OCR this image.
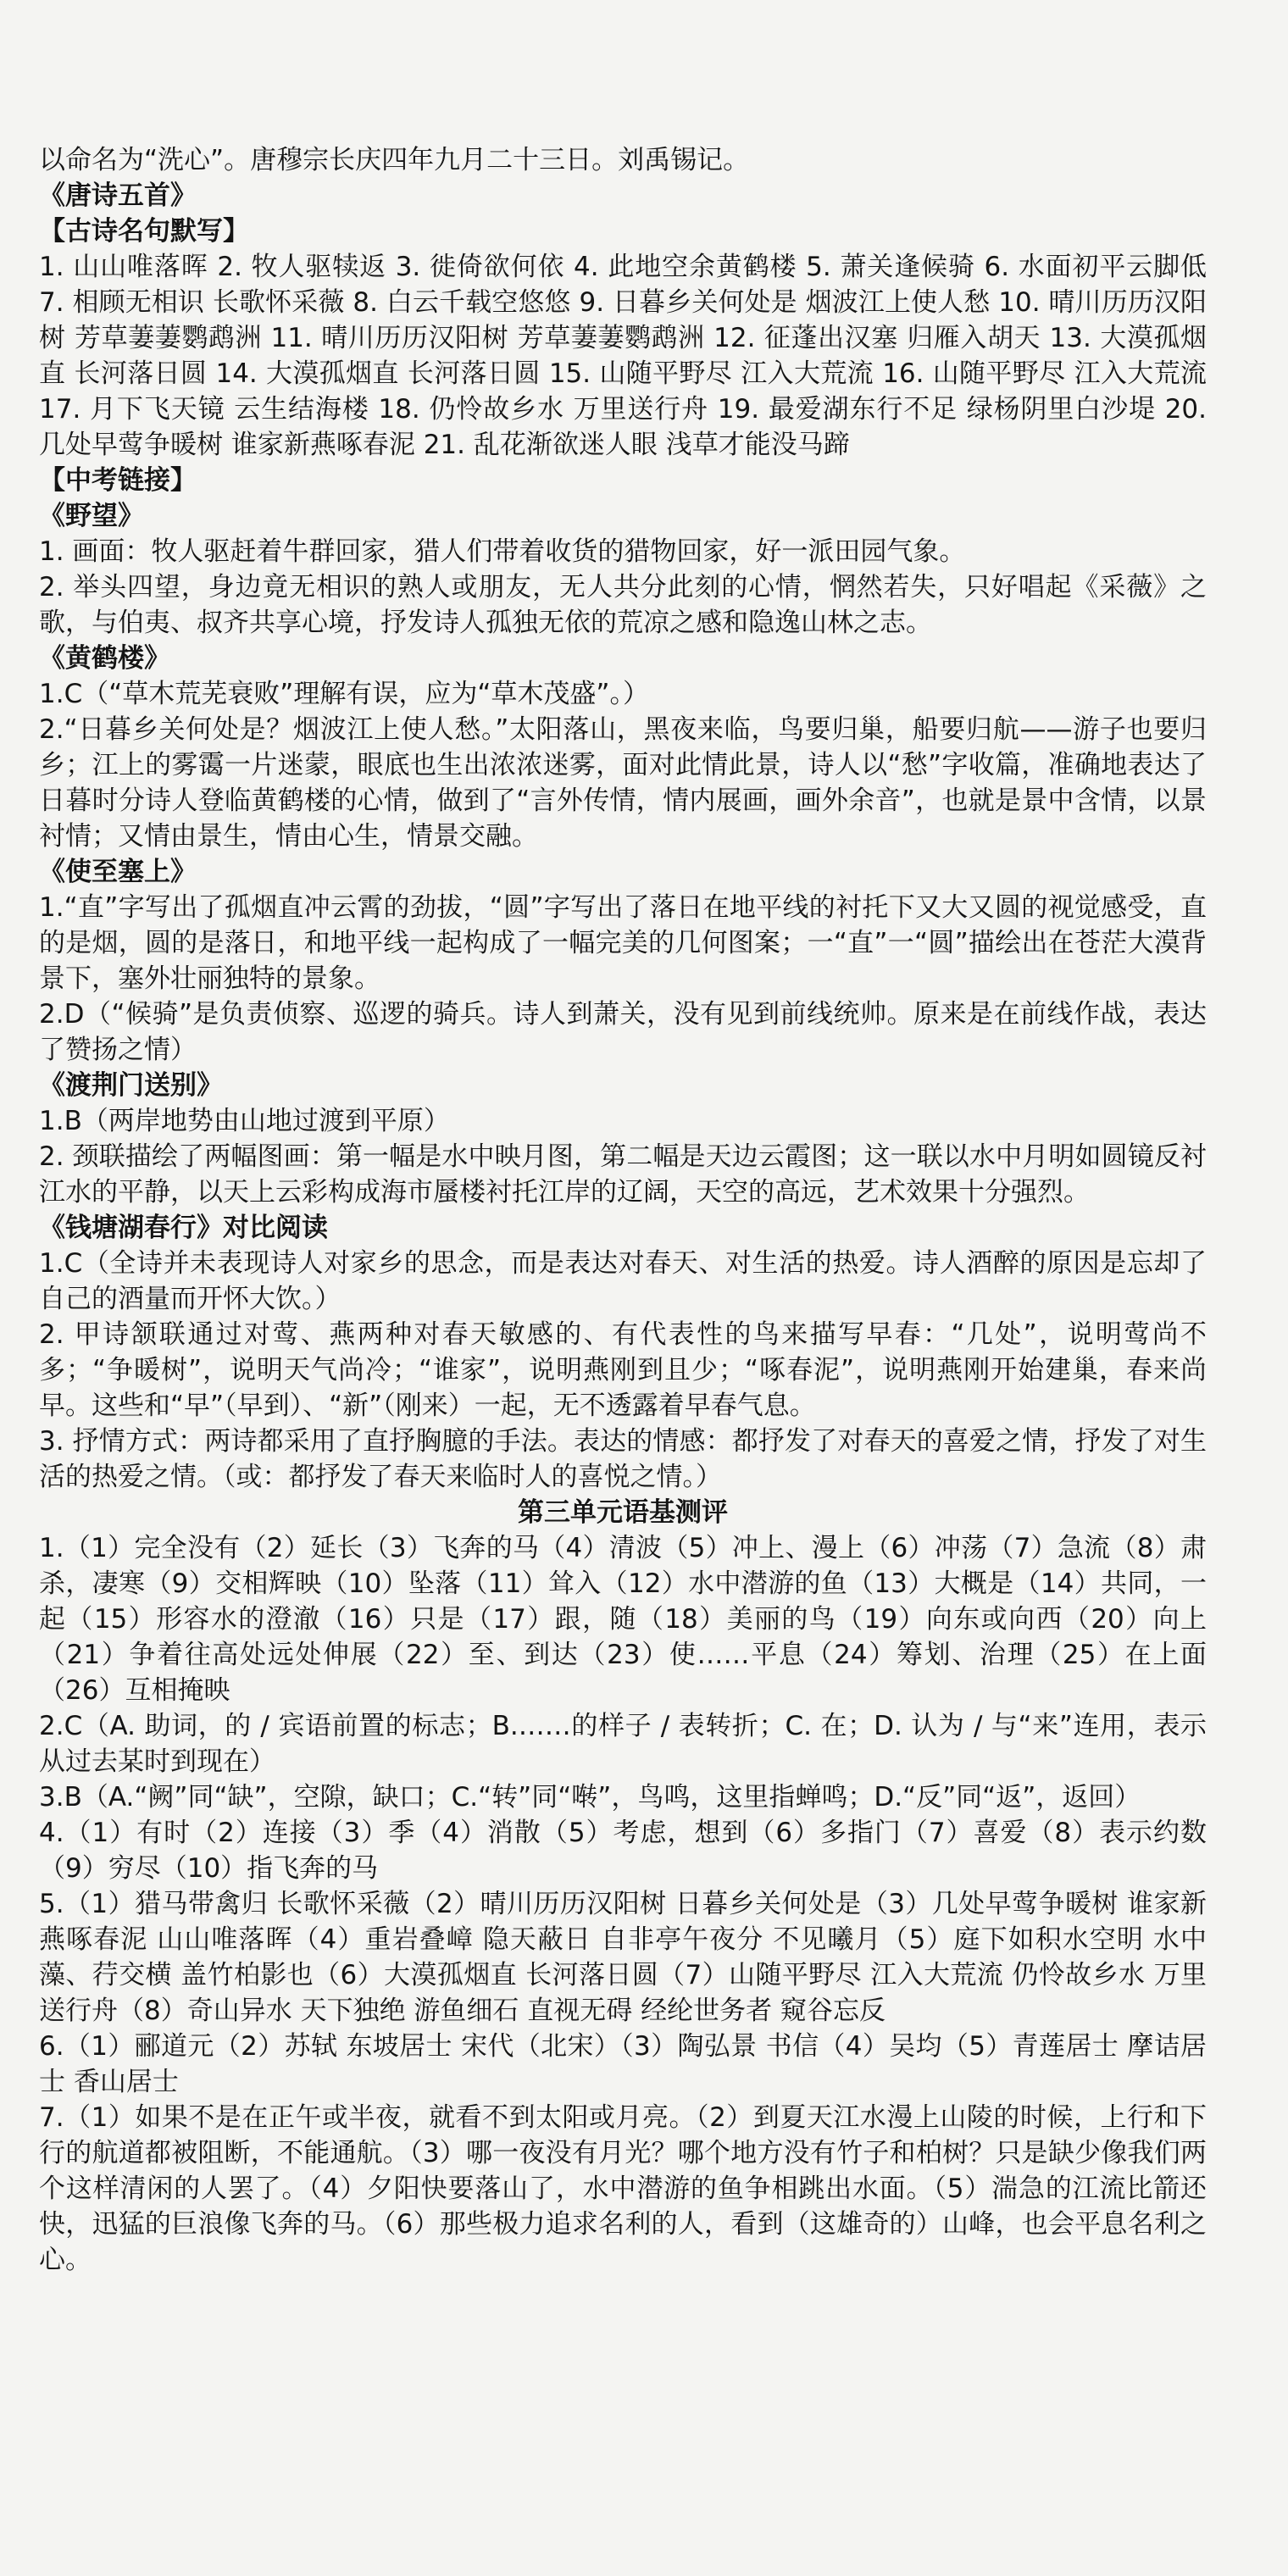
以命名为“洗心”。唐穆宗长庆四年九月二十三日。刘禹锡记。

《唐诗五首》

【古诗名句默写】

1. 山山唯落晖 2. 牧人驱犊返 3. 徙倚欲何依 4. 此地空余黄鹤楼 5. 萧关逢候骑 6. 水面初平云脚低 7. 相顾无相识 长歌怀采薇 8. 白云千载空悠悠 9. 日暮乡关何处是 烟波江上使人愁 10. 晴川历历汉阳树 芳草萋萋鹦鹉洲 11. 晴川历历汉阳树 芳草萋萋鹦鹉洲 12. 征蓬出汉塞 归雁入胡天 13. 大漠孤烟直 长河落日圆 14. 大漠孤烟直 长河落日圆 15. 山随平野尽 江入大荒流 16. 山随平野尽 江入大荒流 17. 月下飞天镜 云生结海楼 18. 仍怜故乡水 万里送行舟 19. 最爱湖东行不足 绿杨阴里白沙堤 20. 几处早莺争暖树 谁家新燕啄春泥 21. 乱花渐欲迷人眼 浅草才能没马蹄

【中考链接】

《野望》

1. 画面：牧人驱赶着牛群回家，猎人们带着收货的猎物回家，好一派田园气象。

2. 举头四望，身边竟无相识的熟人或朋友，无人共分此刻的心情，惘然若失，只好唱起《采薇》之歌，与伯夷、叔齐共享心境，抒发诗人孤独无依的荒凉之感和隐逸山林之志。

《黄鹤楼》

1.C（“草木荒芜衰败”理解有误，应为“草木茂盛”。）

2.“日暮乡关何处是？烟波江上使人愁。”太阳落山，黑夜来临，鸟要归巢，船要归航——游子也要归乡；江上的雾霭一片迷蒙，眼底也生出浓浓迷雾，面对此情此景，诗人以“愁”字收篇，准确地表达了日暮时分诗人登临黄鹤楼的心情，做到了“言外传情，情内展画，画外余音”，也就是景中含情，以景衬情；又情由景生，情由心生，情景交融。

《使至塞上》

1.“直”字写出了孤烟直冲云霄的劲拔，“圆”字写出了落日在地平线的衬托下又大又圆的视觉感受，直的是烟，圆的是落日，和地平线一起构成了一幅完美的几何图案；一“直”一“圆”描绘出在苍茫大漠背景下，塞外壮丽独特的景象。

2.D（“候骑”是负责侦察、巡逻的骑兵。诗人到萧关，没有见到前线统帅。原来是在前线作战，表达了赞扬之情）

《渡荆门送别》

1.B（两岸地势由山地过渡到平原）

2. 颈联描绘了两幅图画：第一幅是水中映月图，第二幅是天边云霞图；这一联以水中月明如圆镜反衬江水的平静，以天上云彩构成海市蜃楼衬托江岸的辽阔，天空的高远，艺术效果十分强烈。

《钱塘湖春行》对比阅读

1.C（全诗并未表现诗人对家乡的思念，而是表达对春天、对生活的热爱。诗人酒醉的原因是忘却了自己的酒量而开怀大饮。）

2. 甲诗颔联通过对莺、燕两种对春天敏感的、有代表性的鸟来描写早春：“几处”，说明莺尚不多；“争暖树”，说明天气尚冷；“谁家”，说明燕刚到且少；“啄春泥”，说明燕刚开始建巢，春来尚早。这些和“早”（早到）、“新”（刚来）一起，无不透露着早春气息。

3. 抒情方式：两诗都采用了直抒胸臆的手法。表达的情感：都抒发了对春天的喜爱之情，抒发了对生活的热爱之情。（或：都抒发了春天来临时人的喜悦之情。）

第三单元语基测评

1.（1）完全没有（2）延长（3）飞奔的马（4）清波（5）冲上、漫上（6）冲荡（7）急流（8）肃杀，凄寒（9）交相辉映（10）坠落（11）耸入（12）水中潜游的鱼（13）大概是（14）共同，一起（15）形容水的澄澈（16）只是（17）跟，随（18）美丽的鸟（19）向东或向西（20）向上（21）争着往高处远处伸展（22）至、到达（23）使……平息（24）筹划、治理（25）在上面（26）互相掩映

2.C（A. 助词，的 / 宾语前置的标志；B.……的样子 / 表转折；C. 在；D. 认为 / 与“来”连用，表示从过去某时到现在）

3.B（A.“阙”同“缺”，空隙，缺口；C.“转”同“啭”，鸟鸣，这里指蝉鸣；D.“反”同“返”，返回）

4.（1）有时（2）连接（3）季（4）消散（5）考虑，想到（6）多指门（7）喜爱（8）表示约数（9）穷尽（10）指飞奔的马

5.（1）猎马带禽归 长歌怀采薇（2）晴川历历汉阳树 日暮乡关何处是（3）几处早莺争暖树 谁家新燕啄春泥 山山唯落晖（4）重岩叠嶂 隐天蔽日 自非亭午夜分 不见曦月（5）庭下如积水空明 水中藻、荇交横 盖竹柏影也（6）大漠孤烟直 长河落日圆（7）山随平野尽 江入大荒流 仍怜故乡水 万里送行舟（8）奇山异水 天下独绝 游鱼细石 直视无碍 经纶世务者 窥谷忘反

6.（1）郦道元（2）苏轼 东坡居士 宋代（北宋）（3）陶弘景 书信（4）吴均（5）青莲居士 摩诘居士 香山居士

7.（1）如果不是在正午或半夜，就看不到太阳或月亮。（2）到夏天江水漫上山陵的时候，上行和下行的航道都被阻断，不能通航。（3）哪一夜没有月光？哪个地方没有竹子和柏树？只是缺少像我们两个这样清闲的人罢了。（4）夕阳快要落山了，水中潜游的鱼争相跳出水面。（5）湍急的江流比箭还快，迅猛的巨浪像飞奔的马。（6）那些极力追求名利的人，看到（这雄奇的）山峰，也会平息名利之心。
